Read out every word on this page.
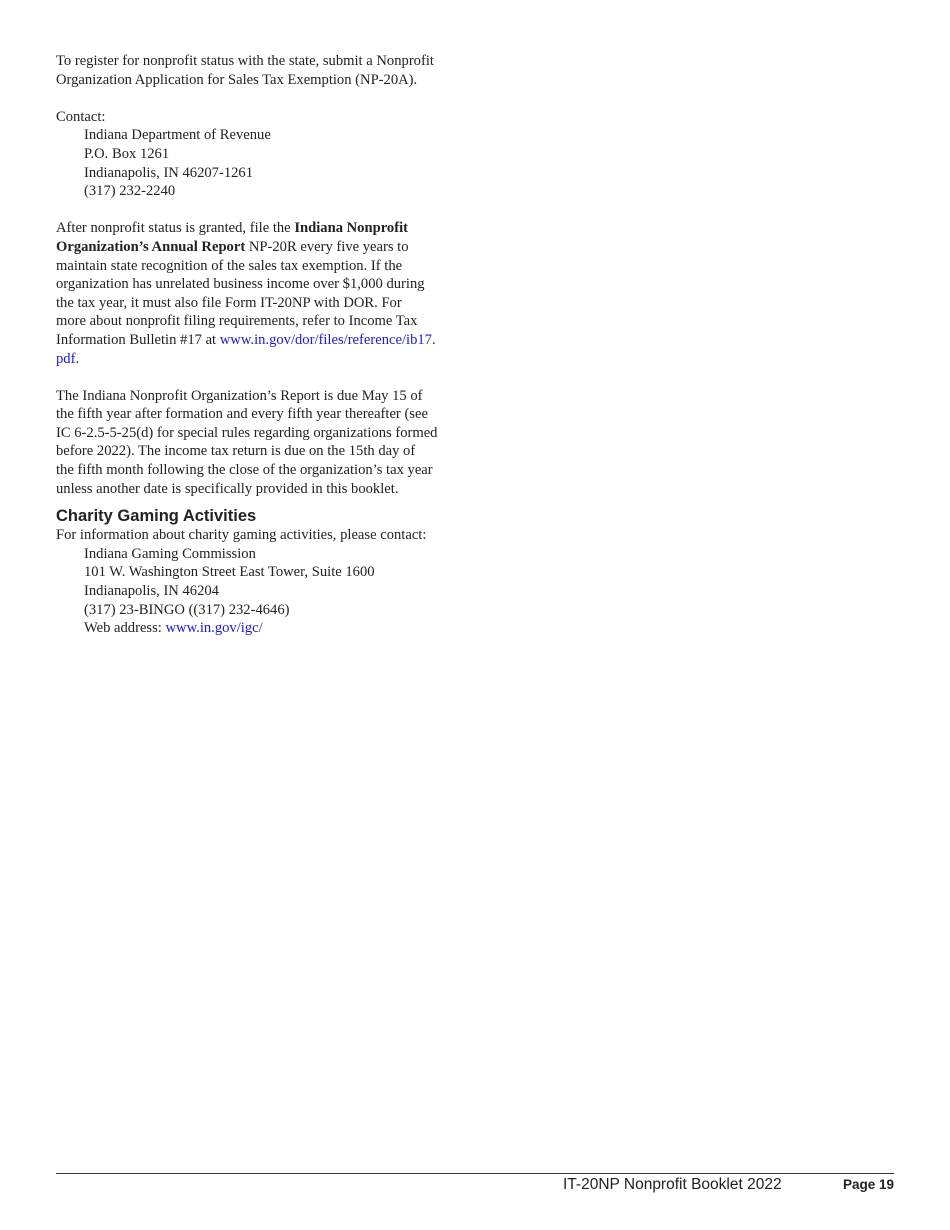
To register for nonprofit status with the state, submit a Nonprofit
Organization Application for Sales Tax Exemption (NP-20A).

Contact:

Indiana Department of Revenue

P.O. Box 1261

Indianapolis, IN 46207-1261

(317) 232-2240

After nonprofit status is granted, file the Indiana Nonprofit
Organization’s Annual Report NP-20R every five years to
maintain state recognition of the sales tax exemption. If the
organization has unrelated business income over $1,000 during
the tax year, it must also file Form IT-20NP with DOR. For
more about nonprofit filing requirements, refer to Income Tax
Information Bulletin #17 at www.in.gov/dor/files/reference/ib17.
pdf.

The Indiana Nonprofit Organization’s Report is due May 15 of
the fifth year after formation and every fifth year thereafter (see
IC 6-2.5-5-25(d) for special rules regarding organizations formed
before 2022). The income tax return is due on the 15th day of
the fifth month following the close of the organization’s tax year
unless another date is specifically provided in this booklet.

Charity Gaming Activities

For information about charity gaming activities, please contact:

Indiana Gaming Commission

101 W. Washington Street East Tower, Suite 1600

Indianapolis, IN 46204

(317) 23-BINGO ((317) 232-4646)

Web address: www.in.gov/igc/

IT-20NP Nonprofit Booklet 2022	Page 19
